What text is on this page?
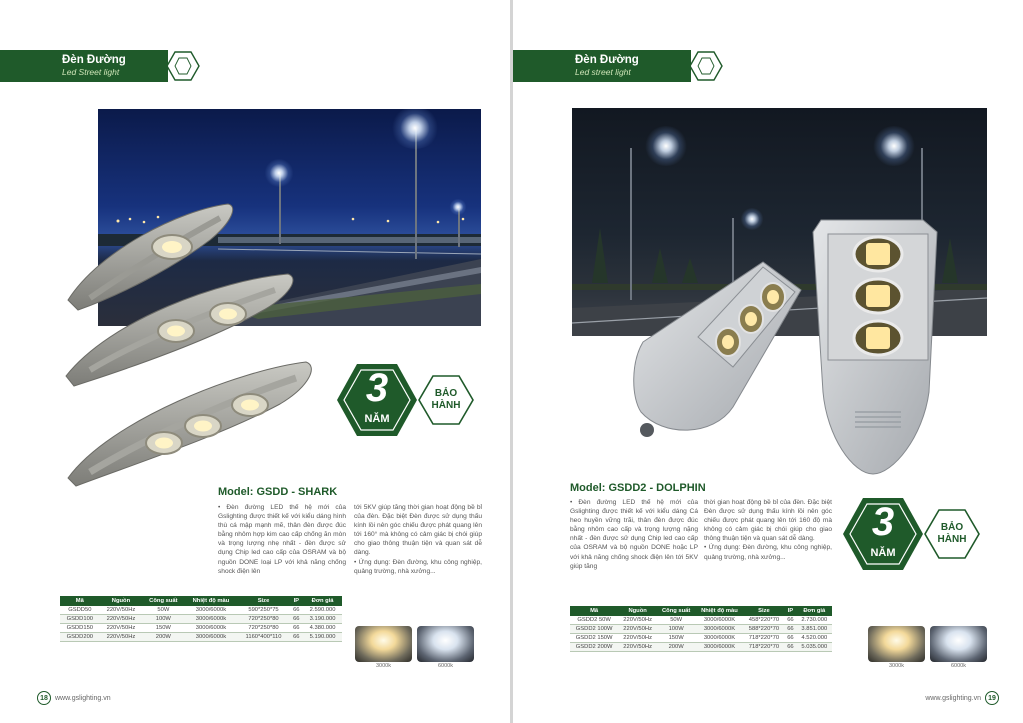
Đèn Đường
Led Street light
3
NĂM
BẢO
HÀNH
Model: GSDD - SHARK
• Đèn đường LED thế hệ mới của Gslighting được thiết kế với kiểu dáng hình thù cá mập mạnh mẽ, thân đèn được đúc bằng nhôm hợp kim cao cấp chống ăn mòn và trọng lượng nhẹ nhất - đèn được sử dụng Chip led cao cấp của OSRAM và bộ nguồn DONE loại LP với khả năng chống shock điện lên
tới 5KV giúp tăng thời gian hoạt động bề bỉ của đèn. Đặc biệt Đèn được sử dụng thấu kính lồi nên góc chiếu được phát quang lên tới 160° mà không có cảm giác bị chói giúp cho giao thông thuận tiện và quan sát dễ dàng.
• Ứng dụng: Đèn đường, khu công nghiệp, quảng trường, nhà xưởng...
Mã	Nguồn	Công suất	Nhiệt độ màu	Size	IP	Đơn giá
GSDD50	220V/50Hz	50W	3000/6000k	590*250*75	66	2.590.000
GSDD100	220V/50Hz	100W	3000/6000k	720*250*80	66	3.190.000
GSDD150	220V/50Hz	150W	3000/6000k	720*250*80	66	4.380.000
GSDD200	220V/50Hz	200W	3000/6000k	1160*400*110	66	5.190.000
3000k	6000k
18	www.gslighting.vn
Đèn Đường
Led street light
3
NĂM
BẢO
HÀNH
Model: GSDD2 - DOLPHIN
• Đèn đường LED thế hệ mới của Gslighting được thiết kế với kiểu dáng Cá heo huyền vững trãi, thân đèn được đúc bằng nhôm cao cấp và trọng lượng nặng nhất - đèn được sử dụng Chip led cao cấp của OSRAM và bộ nguồn DONE hoặc LP với khả năng chống shock điện lên tới 5KV giúp tăng
thời gian hoạt động bề bỉ của đèn. Đặc biệt Đèn được sử dụng thấu kính lồi nên góc chiếu được phát quang lên tới 160 độ mà không có cảm giác bị chói giúp cho giao thông thuận tiện và quan sát dễ dàng.
• Ứng dụng: Đèn đường, khu công nghiệp, quảng trường, nhà xưởng...
Mã	Nguồn	Công suất	Nhiệt độ màu	Size	IP	Đơn giá
GSDD2 50W	220V/50Hz	50W	3000/6000K	458*220*70	66	2.730.000
GSDD2 100W	220V/50Hz	100W	3000/6000K	588*220*70	66	3.851.000
GSDD2 150W	220V/50Hz	150W	3000/6000K	718*220*70	66	4.520.000
GSDD2 200W	220V/50Hz	200W	3000/6000K	718*220*70	66	5.035.000
3000k	6000k
www.gslighting.vn	19
